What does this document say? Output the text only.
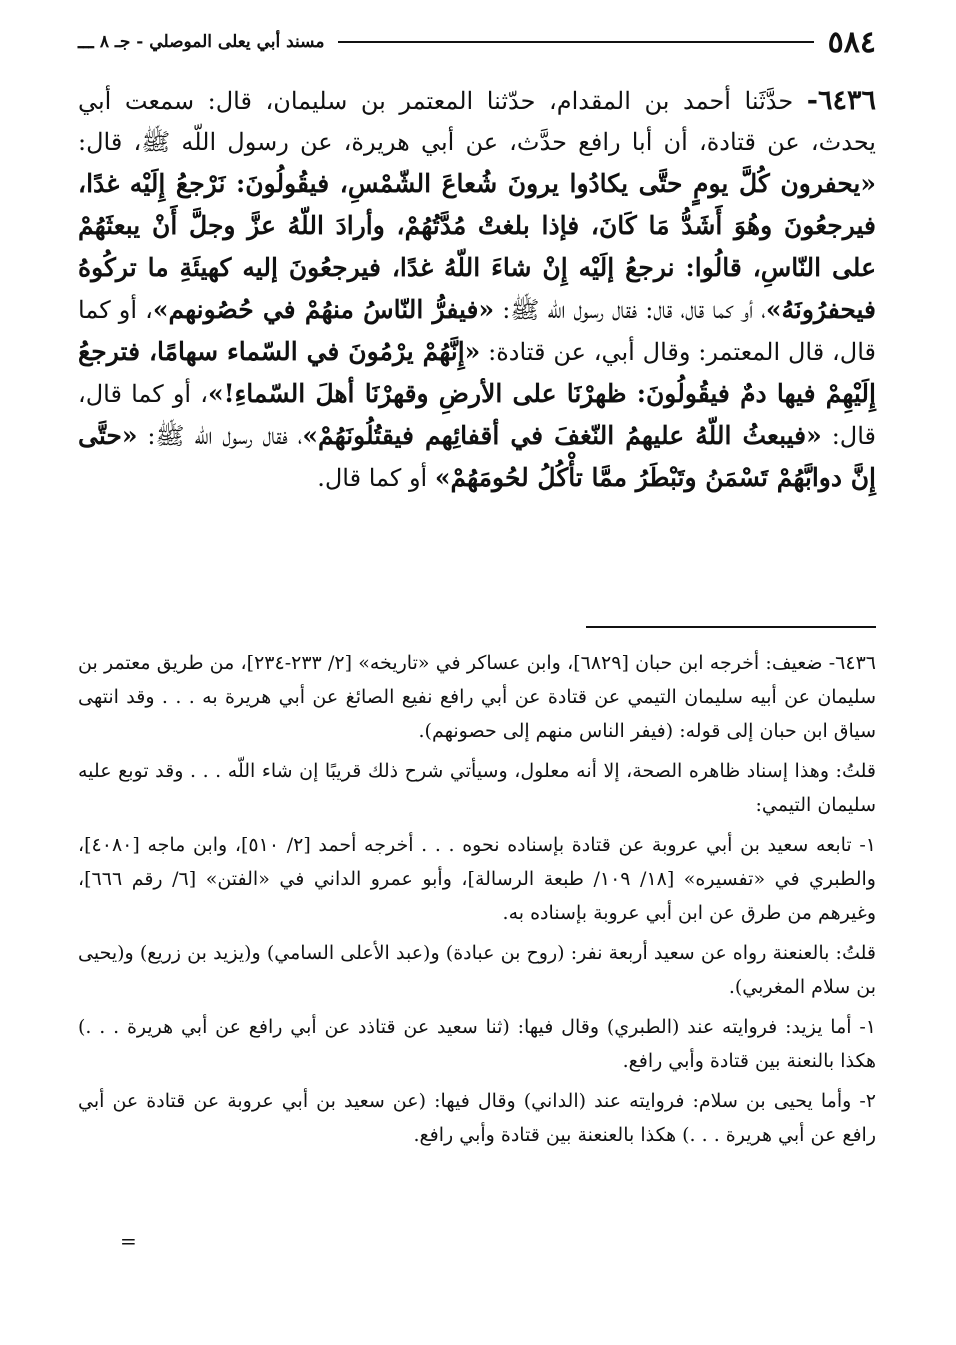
٥٨٤
مسند أبي يعلى الموصلي - جـ ٨
ـــ

٦٤٣٦- حدَّثَنا أحمد بن المقدام، حدّثنا المعتمر بن سليمان، قال: سمعت أبي يحدث، عن قتادة، أن أبا رافع حدَّث، عن أبي هريرة، عن رسول اللّه ﷺ، قال: «يحفرون كُلَّ يومٍ حتَّى يكادُوا يرونَ شُعاعَ الشّمْسِ، فيقُولُونَ: نَرْجعُ إِلَيْه غدًا، فيرجعُونَ وهُوَ أَشَدُّ مَا كَانَ، فإذا بلغتْ مُدَّتُهُمْ، وأرادَ اللّهُ عزَّ وجلَّ أَنْ يبعثَهُمْ على النّاسِ، قالُوا: نرجعُ إلَيْه إِنْ شاءَ اللّهُ غدًا، فيرجعُونَ إليه كهيئَةِ ما تركُوهُ فيحفرُونَهُ»، أو كما قال، قال: فقال رسول اللّه ﷺ: «فيفرُّ النّاسُ منهُمْ في حُصُونهم»، أو كما قال، قال المعتمر: وقال أبي، عن قتادة: «إِنَّهُمْ يرْمُونَ في السّماء سهامًا، فترجعُ إِلَيْهِمْ فيها دمٌ فيقُولُونَ: ظهرْنَا على الأرضِ وقهرْنَا أهلَ السّماءِ!»، أو كما قال، قال: «فيبعثُ اللّهُ عليهمُ النّغفَ في أقفائِهم فيقتُلُونَهُمْ»، فقال رسول اللّه ﷺ: «حتَّى إِنَّ دوابَّهُمْ تَسْمَنُ وتَبْطَرُ ممَّا تأْكُلُ لحُومَهُمْ» أو كما قال.

٦٤٣٦- ضعيف: أخرجه ابن حبان [٦٨٢٩]، وابن عساكر في «تاريخه» [٢/ ٢٣٣-٢٣٤]، من طريق معتمر بن سليمان عن أبيه سليمان التيمي عن قتادة عن أبي رافع نفيع الصائغ عن أبي هريرة به . . . وقد انتهى سياق ابن حبان إلى قوله: (فيفر الناس منهم إلى حصونهم).

قلتُ: وهذا إسناد ظاهره الصحة، إلا أنه معلول، وسيأتي شرح ذلك قريبًا إن شاء اللّه . . . وقد توبع عليه سليمان التيمي:

١- تابعه سعيد بن أبي عروبة عن قتادة بإسناده نحوه . . . أخرجه أحمد [٢/ ٥١٠]، وابن ماجه [٤٠٨٠]، والطبري في «تفسيره» [١٨/ ١٠٩/ طبعة الرسالة]، وأبو عمرو الداني في «الفتن» [٦/ رقم ٦٦٦]، وغيرهم من طرق عن ابن أبي عروبة بإسناده به.

قلتُ: بالعنعنة رواه عن سعيد أربعة نفر: (روح بن عبادة) و(عبد الأعلى السامي) و(يزيد بن زريع) و(يحيى بن سلام المغربي).

١- أما يزيد: فروايته عند (الطبري) وقال فيها: (ثنا سعيد عن قتاذد عن أبي رافع عن أبي هريرة . . .) هكذا بالنعنة بين قتادة وأبي رافع.

٢- وأما يحيى بن سلام: فروايته عند (الداني) وقال فيها: (عن سعيد بن أبي عروبة عن قتادة عن أبي رافع عن أبي هريرة . . .) هكذا بالعنعنة بين قتادة وأبي رافع.

=
